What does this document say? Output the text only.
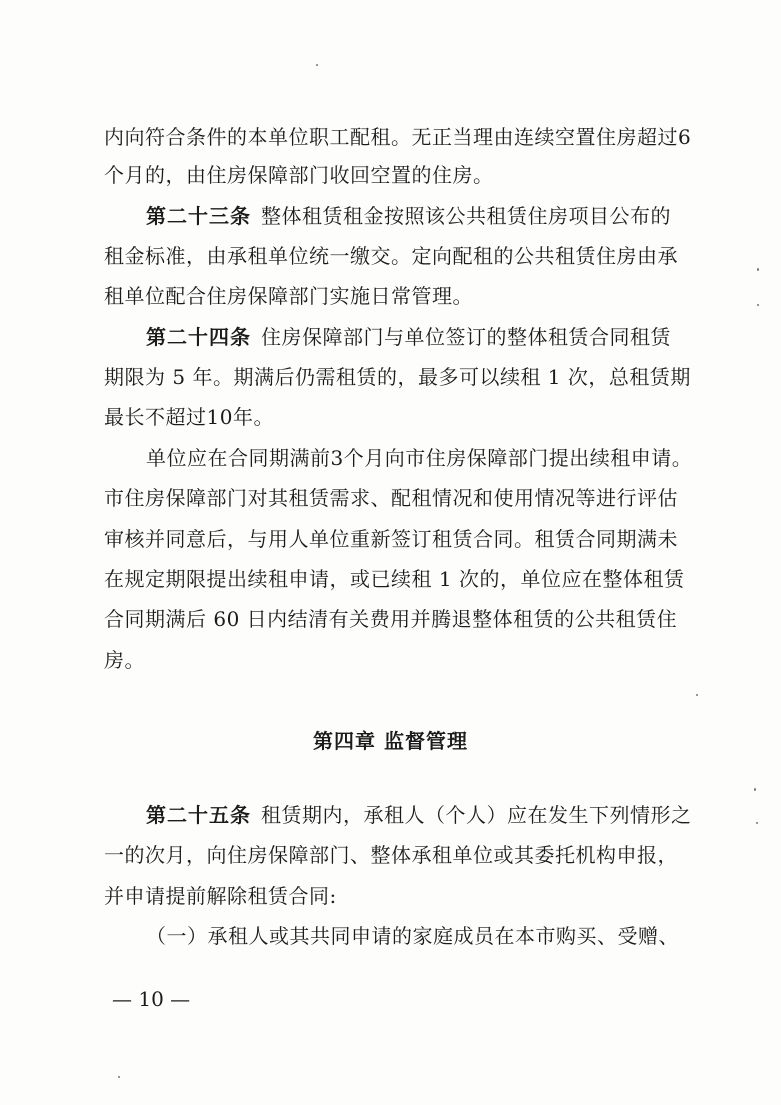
内向符合条件的本单位职工配租。无正当理由连续空置住房超过6
个月的，由住房保障部门收回空置的住房。
第二十三条 整体租赁租金按照该公共租赁住房项目公布的
租金标准，由承租单位统一缴交。定向配租的公共租赁住房由承
租单位配合住房保障部门实施日常管理。
第二十四条 住房保障部门与单位签订的整体租赁合同租赁
期限为 5 年。期满后仍需租赁的，最多可以续租 1 次，总租赁期
最长不超过10年。
单位应在合同期满前3个月向市住房保障部门提出续租申请。
市住房保障部门对其租赁需求、配租情况和使用情况等进行评估
审核并同意后，与用人单位重新签订租赁合同。租赁合同期满未
在规定期限提出续租申请，或已续租 1 次的，单位应在整体租赁
合同期满后 60 日内结清有关费用并腾退整体租赁的公共租赁住
房。
第四章 监督管理
第二十五条 租赁期内，承租人（个人）应在发生下列情形之
一的次月，向住房保障部门、整体承租单位或其委托机构申报，
并申请提前解除租赁合同:
（一）承租人或其共同申请的家庭成员在本市购买、受赠、
— 10 —
